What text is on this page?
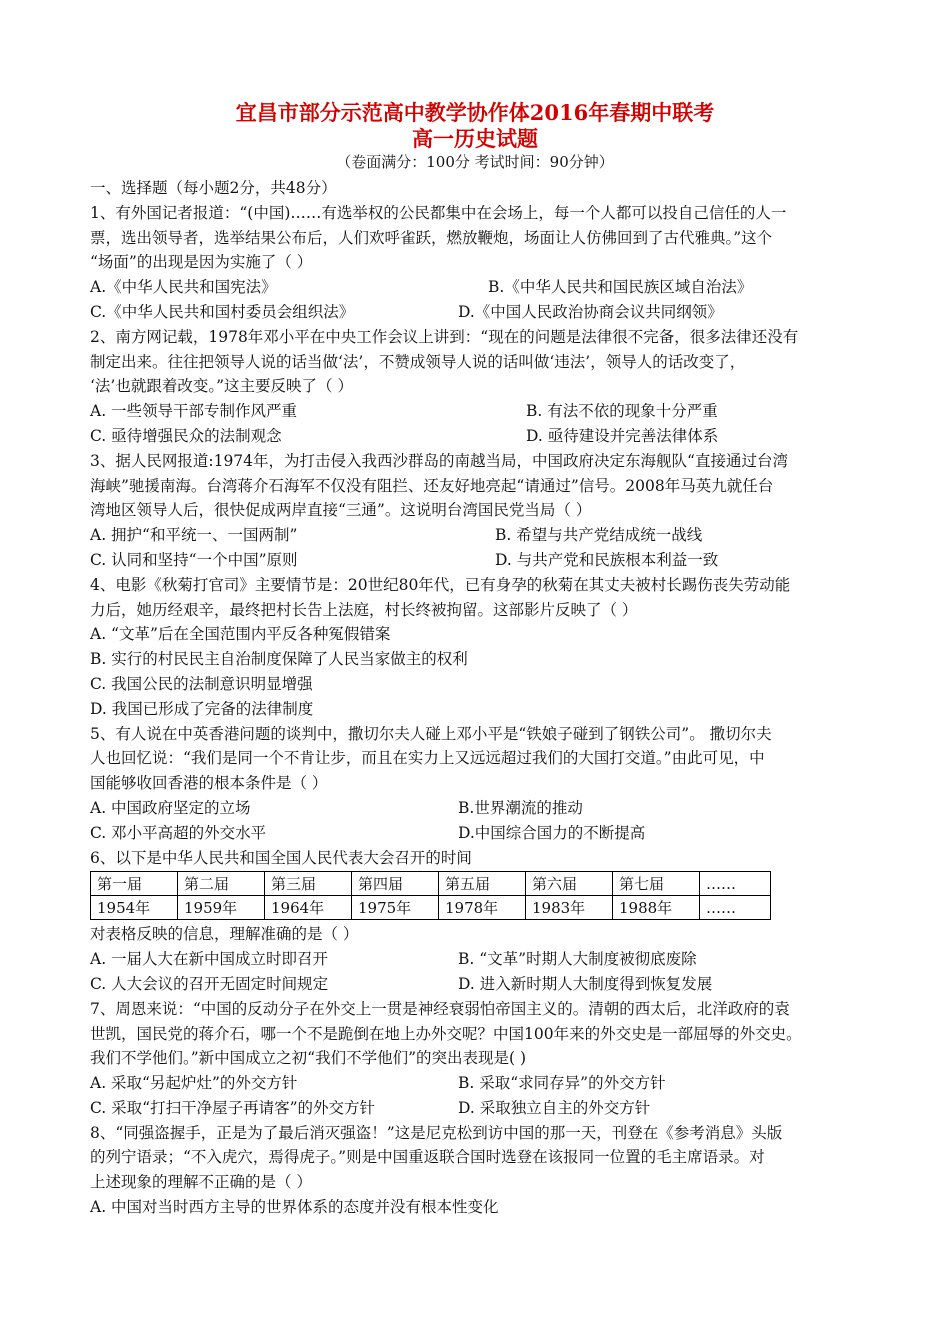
宜昌市部分示范高中教学协作体2016年春期中联考
高一历史试题
（卷面满分：100分 考试时间：90分钟）
一、选择题（每小题2分，共48分）
1、有外国记者报道：“(中国)……有选举权的公民都集中在会场上，每一个人都可以投自己信任的人一
票，选出领导者，选举结果公布后，人们欢呼雀跃，燃放鞭炮，场面让人仿佛回到了古代雅典。”这个
“场面”的出现是因为实施了（ ）
A.《中华人民共和国宪法》	B.《中华人民共和国民族区域自治法》
C.《中华人民共和国村委员会组织法》	D.《中国人民政治协商会议共同纲领》
2、南方网记载，1978年邓小平在中央工作会议上讲到：“现在的问题是法律很不完备，很多法律还没有
制定出来。往往把领导人说的话当做‘法’，不赞成领导人说的话叫做‘违法’，领导人的话改变了，
‘法’也就跟着改变。”这主要反映了（ ）
A. 一些领导干部专制作风严重	B. 有法不依的现象十分严重
C. 亟待增强民众的法制观念	D. 亟待建设并完善法律体系
3、据人民网报道:1974年，为打击侵入我西沙群岛的南越当局，中国政府决定东海舰队“直接通过台湾
海峡”驰援南海。台湾蒋介石海军不仅没有阻拦、还友好地亮起“请通过”信号。2008年马英九就任台
湾地区领导人后，很快促成两岸直接“三通”。这说明台湾国民党当局（ ）
A. 拥护“和平统一、一国两制”	B. 希望与共产党结成统一战线
C. 认同和坚持“一个中国”原则	D. 与共产党和民族根本利益一致
4、电影《秋菊打官司》主要情节是：20世纪80年代，已有身孕的秋菊在其丈夫被村长踢伤丧失劳动能
力后，她历经艰辛，最终把村长告上法庭，村长终被拘留。这部影片反映了（ ）
A. “文革”后在全国范围内平反各种冤假错案
B. 实行的村民民主自治制度保障了人民当家做主的权利
C. 我国公民的法制意识明显增强
D. 我国已形成了完备的法律制度
5、有人说在中英香港问题的谈判中，撒切尔夫人碰上邓小平是“铁娘子碰到了钢铁公司”。 撒切尔夫
人也回忆说：“我们是同一个不肯让步，而且在实力上又远远超过我们的大国打交道。”由此可见，中
国能够收回香港的根本条件是（ ）
A. 中国政府坚定的立场	B.世界潮流的推动
C. 邓小平高超的外交水平	D.中国综合国力的不断提高
6、以下是中华人民共和国全国人民代表大会召开的时间
第一届	第二届	第三届	第四届	第五届	第六届	第七届	……
1954年	1959年	1964年	1975年	1978年	1983年	1988年	……
对表格反映的信息，理解准确的是（ ）
A. 一届人大在新中国成立时即召开	B. “文革”时期人大制度被彻底废除
C. 人大会议的召开无固定时间规定	D. 进入新时期人大制度得到恢复发展
7、周恩来说：“中国的反动分子在外交上一贯是神经衰弱怕帝国主义的。清朝的西太后，北洋政府的袁
世凯，国民党的蒋介石，哪一个不是跪倒在地上办外交呢？中国100年来的外交史是一部屈辱的外交史。
我们不学他们。”新中国成立之初“我们不学他们”的突出表现是( )
A. 采取“另起炉灶”的外交方针	B. 采取“求同存异”的外交方针
C. 采取“打扫干净屋子再请客”的外交方针	D. 采取独立自主的外交方针
8、“同强盗握手，正是为了最后消灭强盗！”这是尼克松到访中国的那一天，刊登在《参考消息》头版
的列宁语录；“不入虎穴，焉得虎子。”则是中国重返联合国时选登在该报同一位置的毛主席语录。对
上述现象的理解不正确的是（ ）
A. 中国对当时西方主导的世界体系的态度并没有根本性变化
